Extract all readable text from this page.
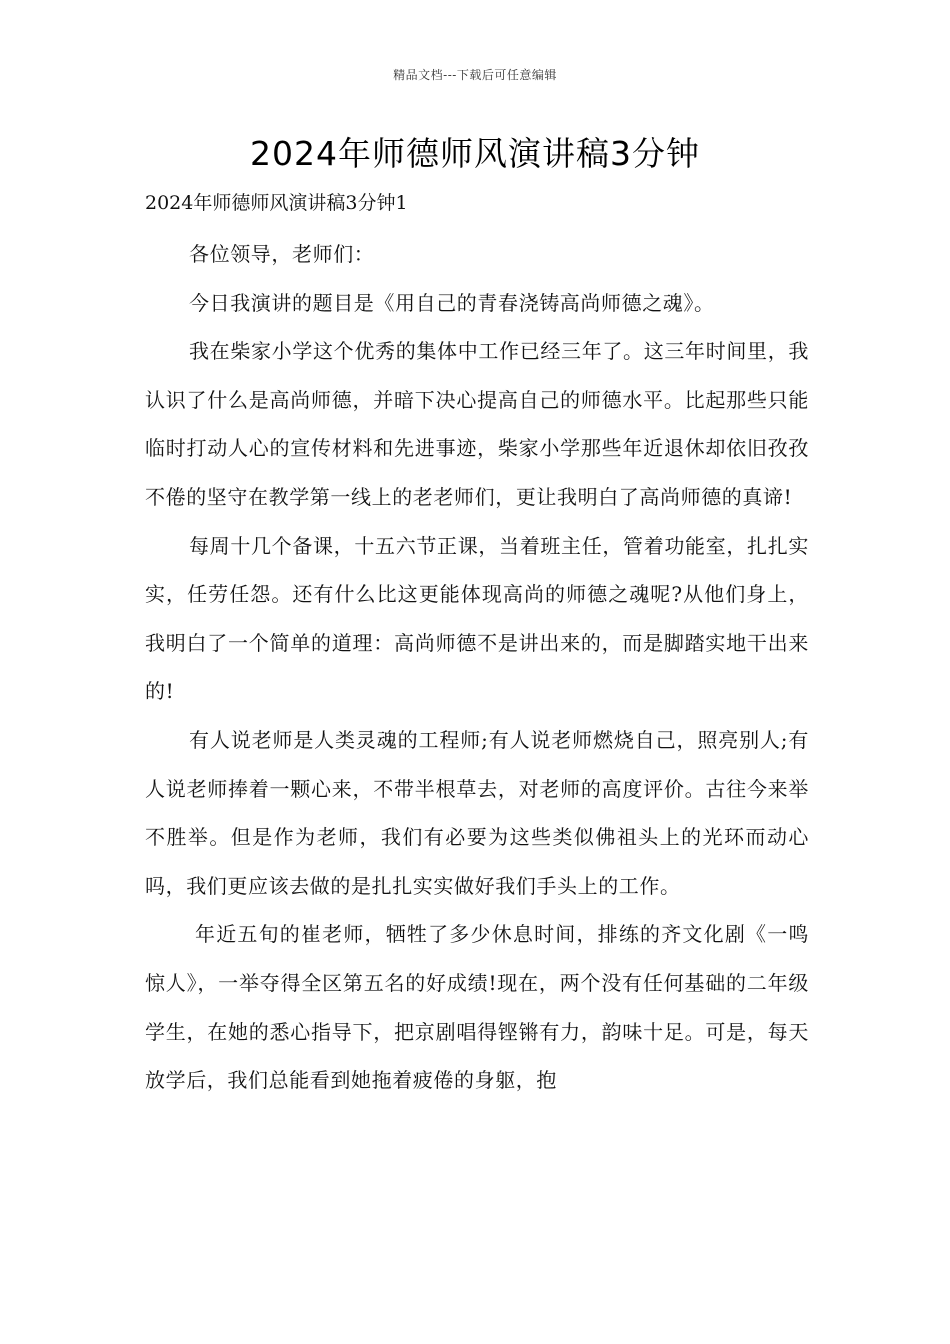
精品文档---下载后可任意编辑
2024年师德师风演讲稿3分钟
2024年师德师风演讲稿3分钟1

各位领导，老师们：

今日我演讲的题目是《用自己的青春浇铸高尚师德之魂》。

我在柴家小学这个优秀的集体中工作已经三年了。这三年时间里，我认识了什么是高尚师德，并暗下决心提高自己的师德水平。比起那些只能临时打动人心的宣传材料和先进事迹，柴家小学那些年近退休却依旧孜孜不倦的坚守在教学第一线上的老老师们，更让我明白了高尚师德的真谛!

每周十几个备课，十五六节正课，当着班主任，管着功能室，扎扎实实，任劳任怨。还有什么比这更能体现高尚的师德之魂呢?从他们身上，我明白了一个简单的道理：高尚师德不是讲出来的，而是脚踏实地干出来的!

有人说老师是人类灵魂的工程师;有人说老师燃烧自己，照亮别人;有人说老师捧着一颗心来，不带半根草去，对老师的高度评价。古往今来举不胜举。但是作为老师，我们有必要为这些类似佛祖头上的光环而动心吗，我们更应该去做的是扎扎实实做好我们手头上的工作。

年近五旬的崔老师，牺牲了多少休息时间，排练的齐文化剧《一鸣惊人》，一举夺得全区第五名的好成绩!现在，两个没有任何基础的二年级学生，在她的悉心指导下，把京剧唱得铿锵有力，韵味十足。可是，每天放学后，我们总能看到她拖着疲倦的身躯，抱
